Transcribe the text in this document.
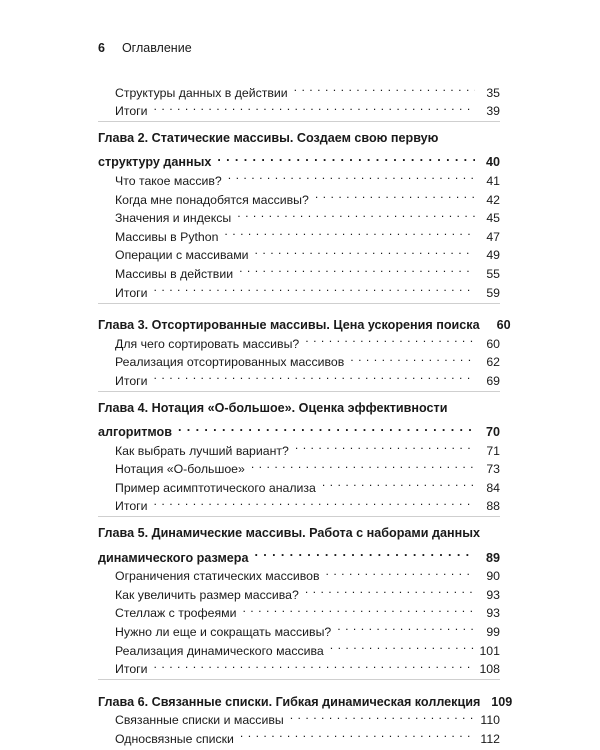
6 Оглавление
Структуры данных в действии . . .	35
Итоги . . .	39
Глава 2. Статические массивы. Создаем свою первую
структуру данных . . .	40
Что такое массив? . . .	41
Когда мне понадобятся массивы? . . .	42
Значения и индексы . . .	45
Массивы в Python . . .	47
Операции с массивами . . .	49
Массивы в действии . . .	55
Итоги . . .	59
Глава 3. Отсортированные массивы. Цена ускорения поиска	60
Для чего сортировать массивы? . . .	60
Реализация отсортированных массивов . . .	62
Итоги . . .	69
Глава 4. Нотация «О-большое». Оценка эффективности
алгоритмов . . .	70
Как выбрать лучший вариант? . . .	71
Нотация «О-большое» . . .	73
Пример асимптотического анализа . . .	84
Итоги . . .	88
Глава 5. Динамические массивы. Работа с наборами данных
динамического размера . . .	89
Ограничения статических массивов . . .	90
Как увеличить размер массива? . . .	93
Стеллаж с трофеями . . .	93
Нужно ли еще и сокращать массивы? . . .	99
Реализация динамического массива . . .	101
Итоги . . .	108
Глава 6. Связанные списки. Гибкая динамическая коллекция 109
Связанные списки и массивы . . .	110
Односвязные списки . . .	112
